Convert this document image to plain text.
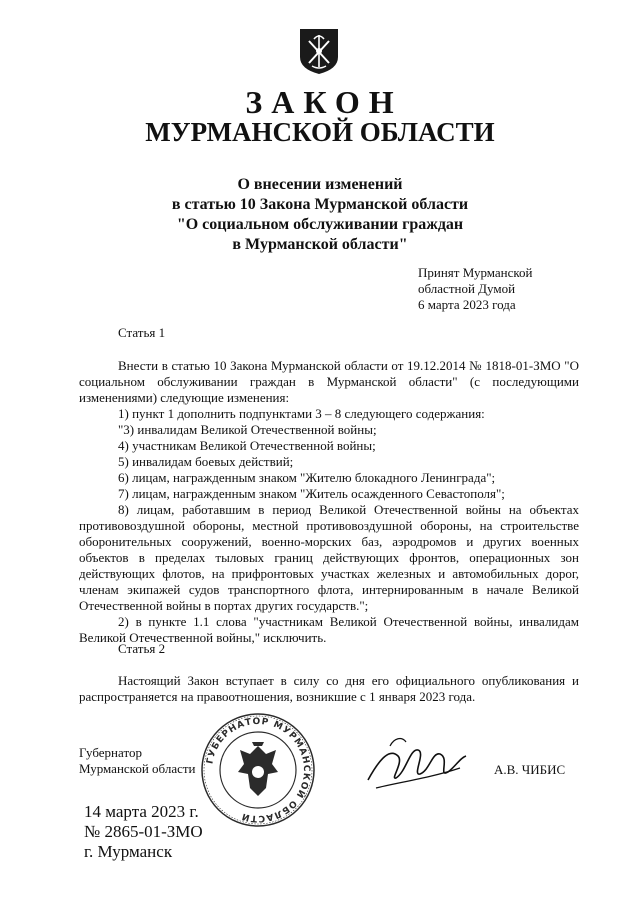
ЗАКОН
МУРМАНСКОЙ ОБЛАСТИ
О внесении изменений
в статью 10 Закона Мурманской области
"О социальном обслуживании граждан
в Мурманской области"
Принят Мурманской
областной Думой
6 марта 2023 года
Статья 1

Внести в статью 10 Закона Мурманской области от 19.12.2014 № 1818-01-ЗМО "О социальном обслуживании граждан в Мурманской области" (с последующими изменениями) следующие изменения:

1) пункт 1 дополнить подпунктами 3 – 8 следующего содержания:

"3) инвалидам Великой Отечественной войны;

4) участникам Великой Отечественной войны;

5) инвалидам боевых действий;

6) лицам, награжденным знаком "Жителю блокадного Ленинграда";

7) лицам, награжденным знаком "Житель осажденного Севастополя";

8) лицам, работавшим в период Великой Отечественной войны на объектах противовоздушной обороны, местной противовоздушной обороны, на строительстве оборонительных сооружений, военно-морских баз, аэродромов и других военных объектов в пределах тыловых границ действующих фронтов, операционных зон действующих флотов, на прифронтовых участках железных и автомобильных дорог, членам экипажей судов транспортного флота, интернированным в начале Великой Отечественной войны в портах других государств.";

2) в пункте 1.1 слова "участникам Великой Отечественной войны, инвалидам Великой Отечественной войны," исключить.

Статья 2

Настоящий Закон вступает в силу со дня его официального опубликования и распространяется на правоотношения, возникшие с 1 января 2023 года.

ГУБЕРНАТОР МУРМАНСКОЙ ОБЛАСТИ
Губернатор
Мурманской области	А.В. ЧИБИС
14 марта 2023 г.
№ 2865-01-ЗМО
г. Мурманск
